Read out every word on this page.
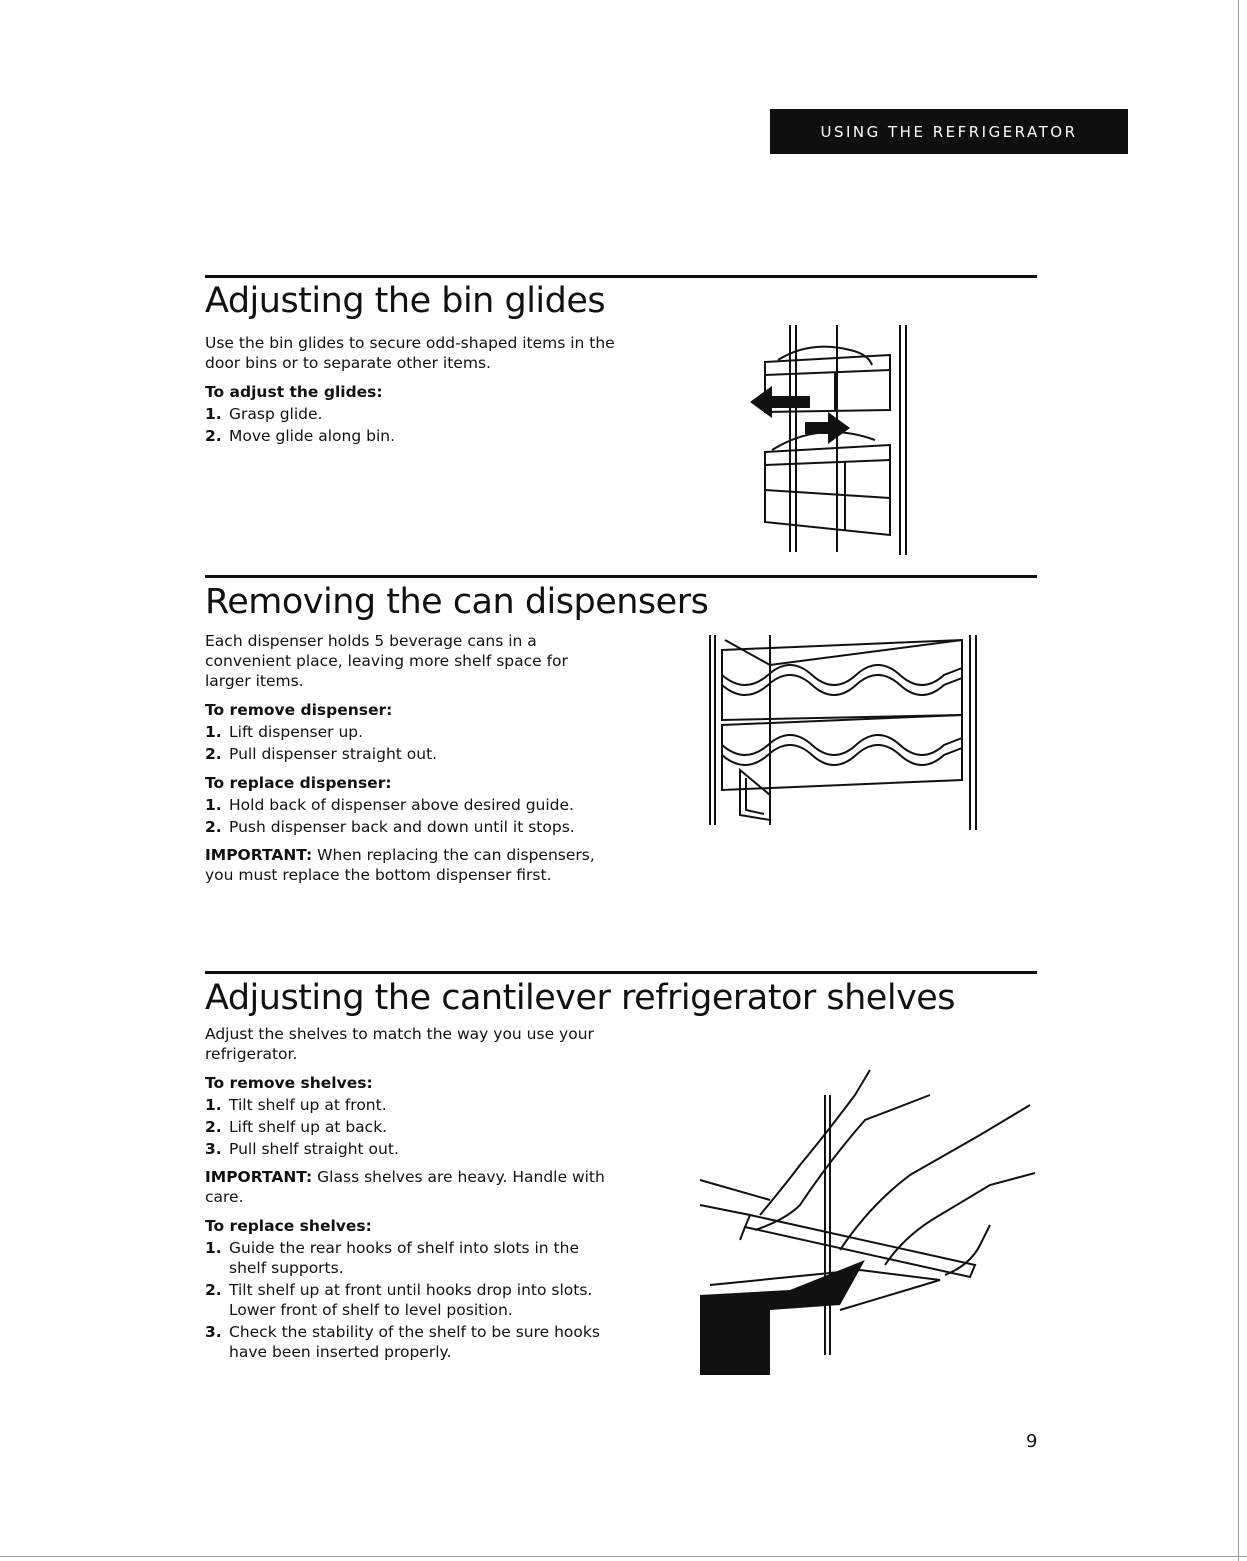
USING THE REFRIGERATOR
Adjusting the bin glides

Use the bin glides to secure odd-shaped items in the door bins or to separate other items.

To adjust the glides:

1. Grasp glide.
2. Move glide along bin.
Removing the can dispensers

Each dispenser holds 5 beverage cans in a convenient place, leaving more shelf space for larger items.

To remove dispenser:

1. Lift dispenser up.
2. Pull dispenser straight out.

To replace dispenser:

1. Hold back of dispenser above desired guide.
2. Push dispenser back and down until it stops.

IMPORTANT: When replacing the can dispensers, you must replace the bottom dispenser first.

Adjusting the cantilever refrigerator shelves

Adjust the shelves to match the way you use your refrigerator.

To remove shelves:

1. Tilt shelf up at front.
2. Lift shelf up at back.
3. Pull shelf straight out.

IMPORTANT: Glass shelves are heavy. Handle with care.

To replace shelves:

1. Guide the rear hooks of shelf into slots in the shelf supports.
2. Tilt shelf up at front until hooks drop into slots. Lower front of shelf to level position.
3. Check the stability of the shelf to be sure hooks have been inserted properly.
9
